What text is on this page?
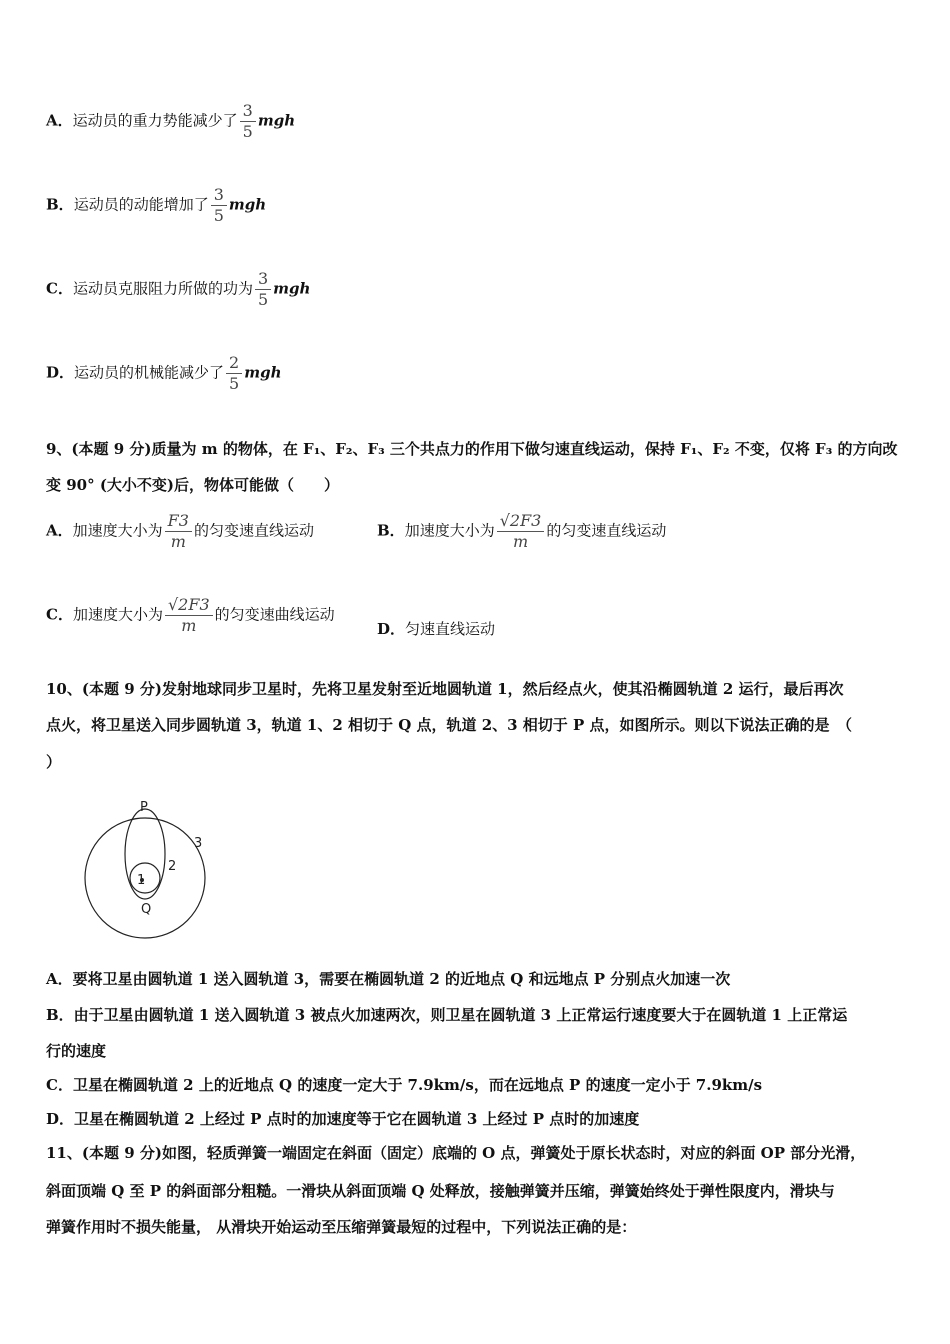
A．运动员的重力势能减少了 $\frac{3}{5}$ mgh
B．运动员的动能增加了 $\frac{3}{5}$ mgh
C．运动员克服阻力所做的功为 $\frac{3}{5}$ mgh
D．运动员的机械能减少了 $\frac{2}{5}$ mgh
9、(本题 9 分)质量为 m 的物体，在 F₁、F₂、F₃ 三个共点力的作用下做匀速直线运动，保持 F₁、F₂ 不变，仅将 F₃ 的方向改
变 90° (大小不变)后，物体可能做（　　）
A．加速度大小为 $\frac{F3}{m}$ 的匀变速直线运动	B．加速度大小为 $\frac{√2F3}{m}$ 的匀变速直线运动
C．加速度大小为 $\frac{√2F3}{m}$ 的匀变速曲线运动
D．匀速直线运动
10、(本题 9 分)发射地球同步卫星时，先将卫星发射至近地圆轨道 1，然后经点火，使其沿椭圆轨道 2 运行，最后再次
点火，将卫星送入同步圆轨道 3，轨道 1、2 相切于 Q 点，轨道 2、3 相切于 P 点，如图所示。则以下说法正确的是　（
）
P
Q
1
2
3
A．要将卫星由圆轨道 1 送入圆轨道 3，需要在椭圆轨道 2 的近地点 Q 和远地点 P 分别点火加速一次
B．由于卫星由圆轨道 1 送入圆轨道 3 被点火加速两次，则卫星在圆轨道 3 上正常运行速度要大于在圆轨道 1 上正常运
行的速度
C．卫星在椭圆轨道 2 上的近地点 Q 的速度一定大于 7.9km/s，而在远地点 P 的速度一定小于 7.9km/s
D．卫星在椭圆轨道 2 上经过 P 点时的加速度等于它在圆轨道 3 上经过 P 点时的加速度
11、(本题 9 分)如图，轻质弹簧一端固定在斜面（固定）底端的 O 点，弹簧处于原长状态时，对应的斜面 OP 部分光滑，
斜面顶端 Q 至 P 的斜面部分粗糙。一滑块从斜面顶端 Q 处释放，接触弹簧并压缩，弹簧始终处于弹性限度内，滑块与
弹簧作用时不损失能量， 从滑块开始运动至压缩弹簧最短的过程中，下列说法正确的是：
